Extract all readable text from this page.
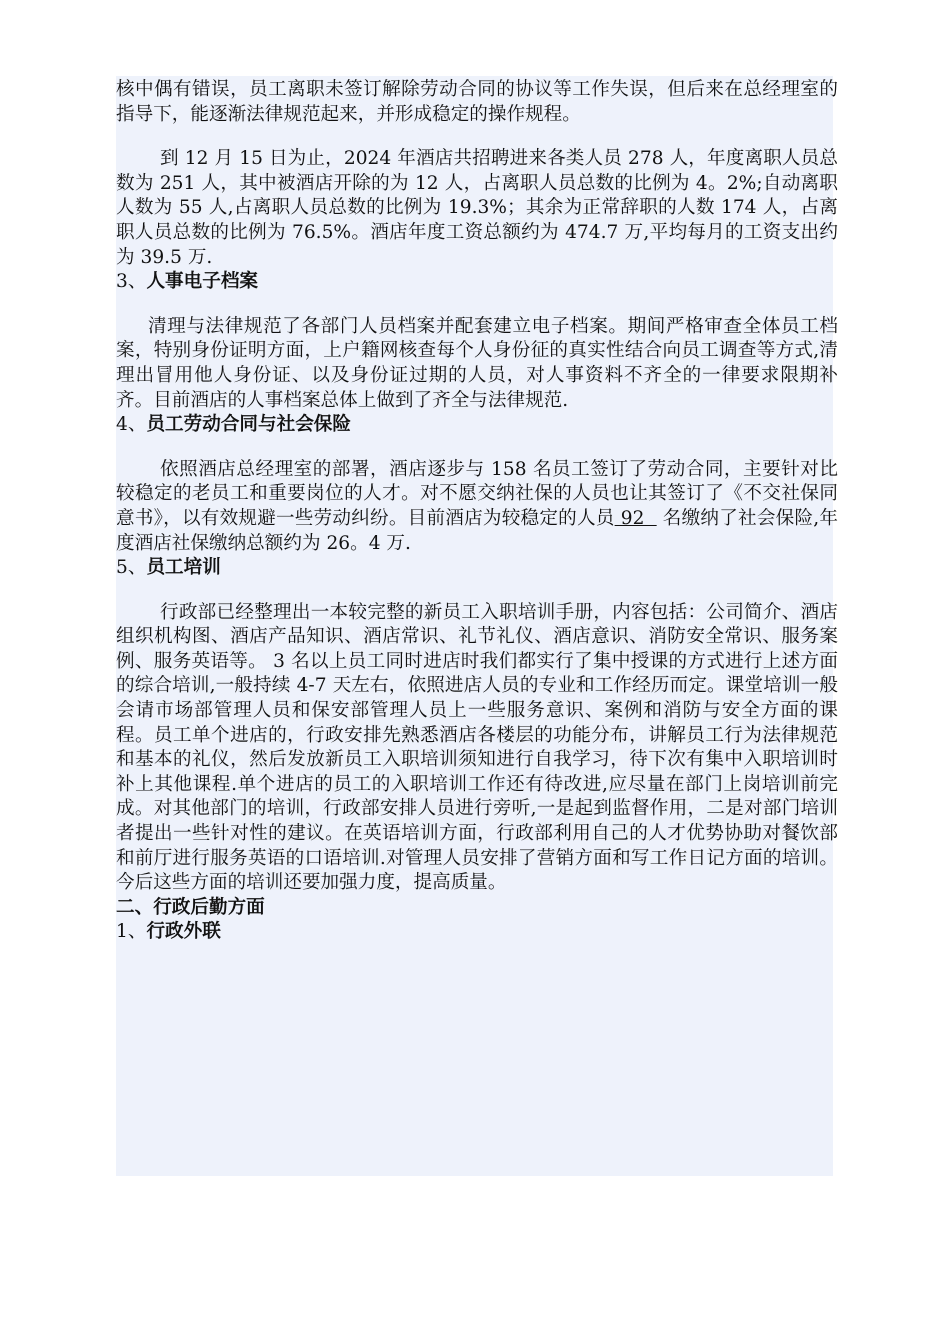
核中偶有错误，员工离职未签订解除劳动合同的协议等工作失误，但后来在总经理室的指导下，能逐渐法律规范起来，并形成稳定的操作规程。

到 12 月 15 日为止，2024 年酒店共招聘进来各类人员 278 人，年度离职人员总数为 251 人，其中被酒店开除的为 12 人，占离职人员总数的比例为 4。2%;自动离职人数为 55 人,占离职人员总数的比例为 19.3%；其余为正常辞职的人数 174 人，占离职人员总数的比例为 76.5%。酒店年度工资总额约为 474.7 万,平均每月的工资支出约为 39.5 万.

3、人事电子档案

清理与法律规范了各部门人员档案并配套建立电子档案。期间严格审查全体员工档案，特别身份证明方面，上户籍网核查每个人身份征的真实性结合向员工调查等方式,清理出冒用他人身份证、以及身份证过期的人员，对人事资料不齐全的一律要求限期补齐。目前酒店的人事档案总体上做到了齐全与法律规范.

4、员工劳动合同与社会保险

依照酒店总经理室的部署，酒店逐步与 158 名员工签订了劳动合同，主要针对比较稳定的老员工和重要岗位的人才。对不愿交纳社保的人员也让其签订了《不交社保同意书》，以有效规避一些劳动纠纷。目前酒店为较稳定的人员 92   名缴纳了社会保险,年度酒店社保缴纳总额约为 26。4 万.

5、员工培训

行政部已经整理出一本较完整的新员工入职培训手册，内容包括：公司简介、酒店组织机构图、酒店产品知识、酒店常识、礼节礼仪、酒店意识、消防安全常识、服务案例、服务英语等。 3 名以上员工同时进店时我们都实行了集中授课的方式进行上述方面的综合培训,一般持续 4-7 天左右，依照进店人员的专业和工作经历而定。课堂培训一般会请市场部管理人员和保安部管理人员上一些服务意识、案例和消防与安全方面的课程。员工单个进店的，行政安排先熟悉酒店各楼层的功能分布，讲解员工行为法律规范和基本的礼仪，然后发放新员工入职培训须知进行自我学习，待下次有集中入职培训时补上其他课程.单个进店的员工的入职培训工作还有待改进,应尽量在部门上岗培训前完成。对其他部门的培训，行政部安排人员进行旁听,一是起到监督作用，二是对部门培训者提出一些针对性的建议。在英语培训方面，行政部利用自己的人才优势协助对餐饮部和前厅进行服务英语的口语培训.对管理人员安排了营销方面和写工作日记方面的培训。今后这些方面的培训还要加强力度，提高质量。

二、行政后勤方面

1、行政外联
